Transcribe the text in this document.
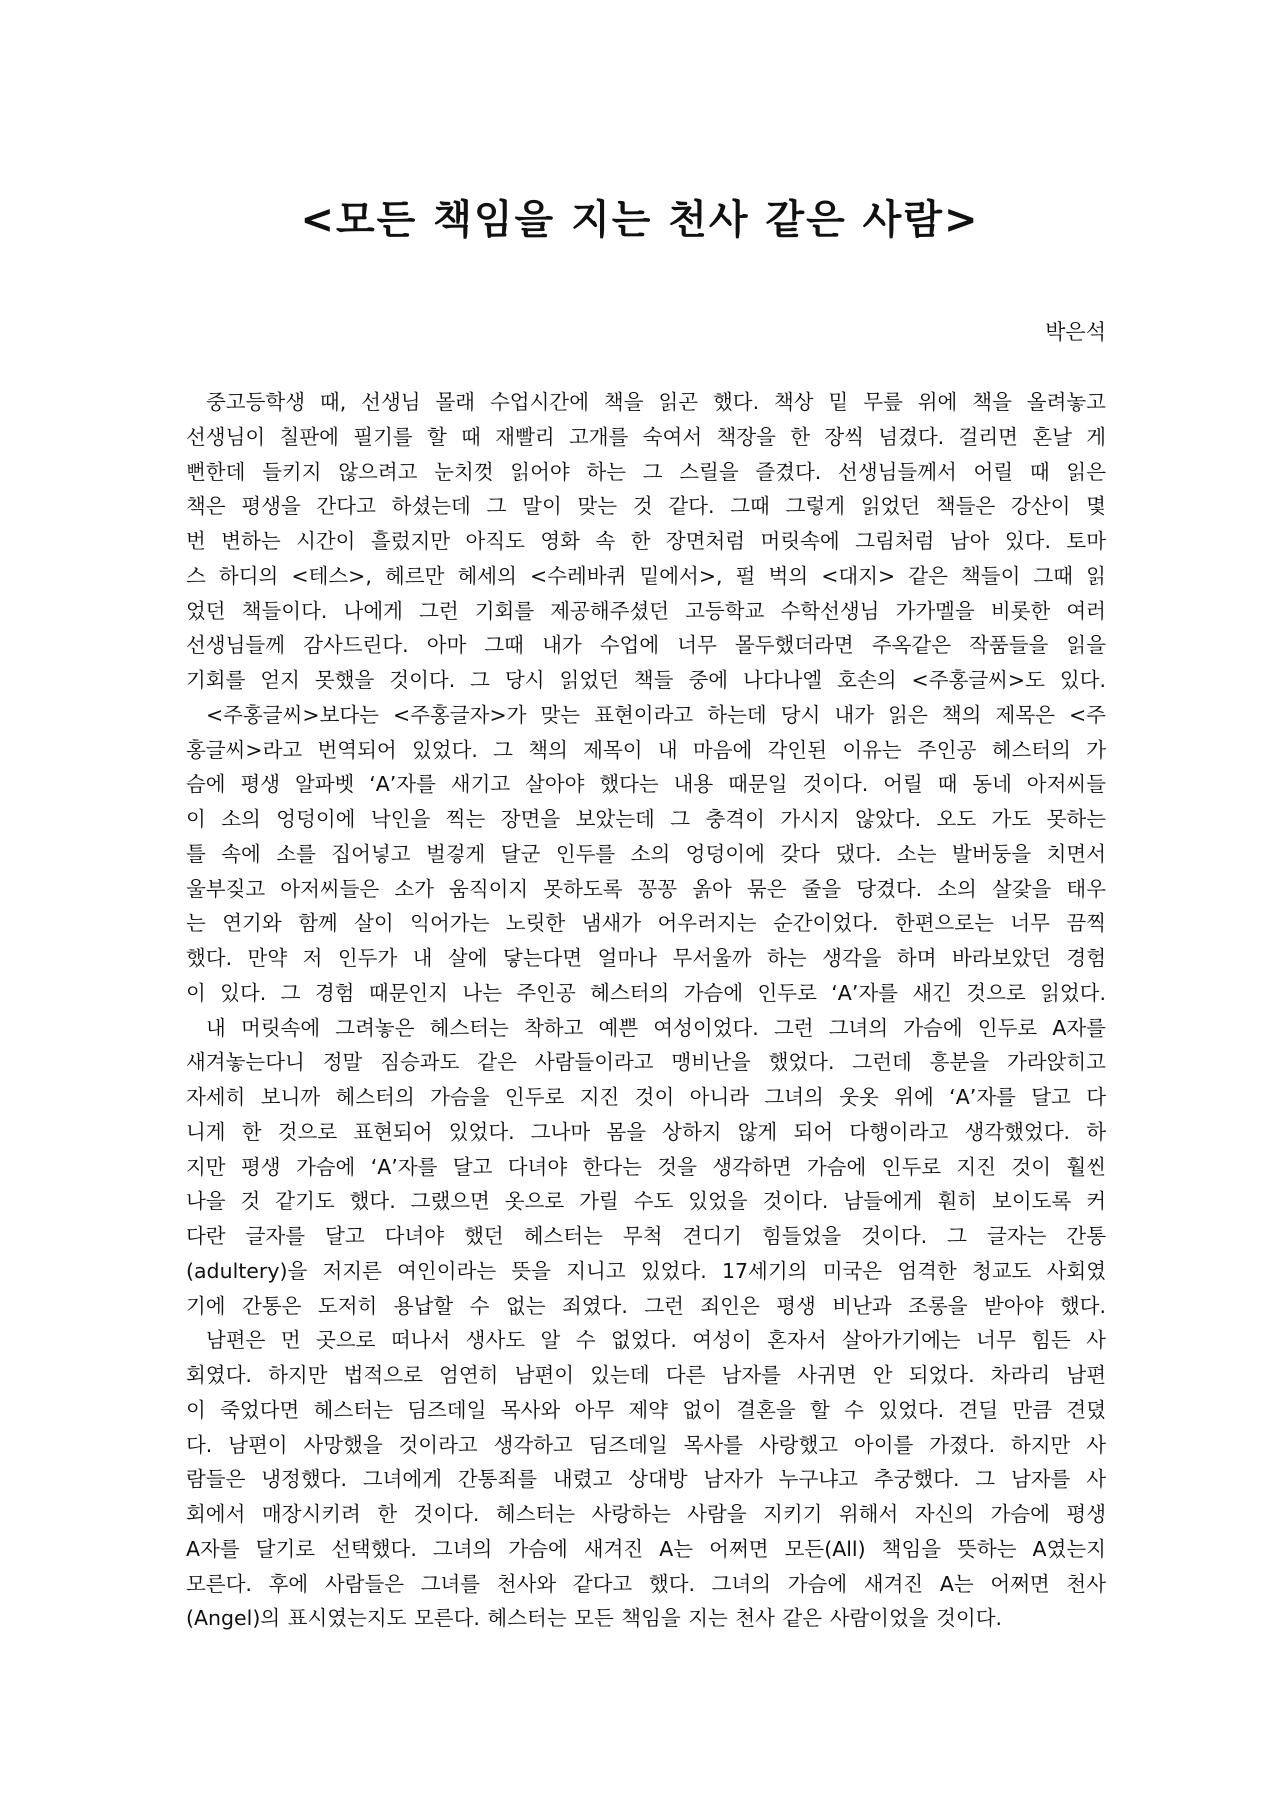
<모든 책임을 지는 천사 같은 사람>
박은석
중고등학생 때, 선생님 몰래 수업시간에 책을 읽곤 했다. 책상 밑 무릎 위에 책을 올려놓고
선생님이 칠판에 필기를 할 때 재빨리 고개를 숙여서 책장을 한 장씩 넘겼다. 걸리면 혼날 게
뻔한데 들키지 않으려고 눈치껏 읽어야 하는 그 스릴을 즐겼다. 선생님들께서 어릴 때 읽은
책은 평생을 간다고 하셨는데 그 말이 맞는 것 같다. 그때 그렇게 읽었던 책들은 강산이 몇
번 변하는 시간이 흘렀지만 아직도 영화 속 한 장면처럼 머릿속에 그림처럼 남아 있다. 토마
스 하디의 <테스>, 헤르만 헤세의 <수레바퀴 밑에서>, 펄 벅의 <대지> 같은 책들이 그때 읽
었던 책들이다. 나에게 그런 기회를 제공해주셨던 고등학교 수학선생님 가가멜을 비롯한 여러
선생님들께 감사드린다. 아마 그때 내가 수업에 너무 몰두했더라면 주옥같은 작품들을 읽을
기회를 얻지 못했을 것이다. 그 당시 읽었던 책들 중에 나다나엘 호손의 <주홍글씨>도 있다.
<주홍글씨>보다는 <주홍글자>가 맞는 표현이라고 하는데 당시 내가 읽은 책의 제목은 <주
홍글씨>라고 번역되어 있었다. 그 책의 제목이 내 마음에 각인된 이유는 주인공 헤스터의 가
슴에 평생 알파벳 ‘A’자를 새기고 살아야 했다는 내용 때문일 것이다. 어릴 때 동네 아저씨들
이 소의 엉덩이에 낙인을 찍는 장면을 보았는데 그 충격이 가시지 않았다. 오도 가도 못하는
틀 속에 소를 집어넣고 벌겋게 달군 인두를 소의 엉덩이에 갖다 댔다. 소는 발버둥을 치면서
울부짖고 아저씨들은 소가 움직이지 못하도록 꽁꽁 옭아 묶은 줄을 당겼다. 소의 살갗을 태우
는 연기와 함께 살이 익어가는 노릿한 냄새가 어우러지는 순간이었다. 한편으로는 너무 끔찍
했다. 만약 저 인두가 내 살에 닿는다면 얼마나 무서울까 하는 생각을 하며 바라보았던 경험
이 있다. 그 경험 때문인지 나는 주인공 헤스터의 가슴에 인두로 ‘A’자를 새긴 것으로 읽었다.
내 머릿속에 그려놓은 헤스터는 착하고 예쁜 여성이었다. 그런 그녀의 가슴에 인두로 A자를
새겨놓는다니 정말 짐승과도 같은 사람들이라고 맹비난을 했었다. 그런데 흥분을 가라앉히고
자세히 보니까 헤스터의 가슴을 인두로 지진 것이 아니라 그녀의 웃옷 위에 ‘A’자를 달고 다
니게 한 것으로 표현되어 있었다. 그나마 몸을 상하지 않게 되어 다행이라고 생각했었다. 하
지만 평생 가슴에 ‘A’자를 달고 다녀야 한다는 것을 생각하면 가슴에 인두로 지진 것이 훨씬
나을 것 같기도 했다. 그랬으면 옷으로 가릴 수도 있었을 것이다. 남들에게 훤히 보이도록 커
다란 글자를 달고 다녀야 했던 헤스터는 무척 견디기 힘들었을 것이다. 그 글자는 간통
(adultery)을 저지른 여인이라는 뜻을 지니고 있었다. 17세기의 미국은 엄격한 청교도 사회였
기에 간통은 도저히 용납할 수 없는 죄였다. 그런 죄인은 평생 비난과 조롱을 받아야 했다.
남편은 먼 곳으로 떠나서 생사도 알 수 없었다. 여성이 혼자서 살아가기에는 너무 힘든 사
회였다. 하지만 법적으로 엄연히 남편이 있는데 다른 남자를 사귀면 안 되었다. 차라리 남편
이 죽었다면 헤스터는 딤즈데일 목사와 아무 제약 없이 결혼을 할 수 있었다. 견딜 만큼 견뎠
다. 남편이 사망했을 것이라고 생각하고 딤즈데일 목사를 사랑했고 아이를 가졌다. 하지만 사
람들은 냉정했다. 그녀에게 간통죄를 내렸고 상대방 남자가 누구냐고 추궁했다. 그 남자를 사
회에서 매장시키려 한 것이다. 헤스터는 사랑하는 사람을 지키기 위해서 자신의 가슴에 평생
A자를 달기로 선택했다. 그녀의 가슴에 새겨진 A는 어쩌면 모든(All) 책임을 뜻하는 A였는지
모른다. 후에 사람들은 그녀를 천사와 같다고 했다. 그녀의 가슴에 새겨진 A는 어쩌면 천사
(Angel)의 표시였는지도 모른다. 헤스터는 모든 책임을 지는 천사 같은 사람이었을 것이다.
